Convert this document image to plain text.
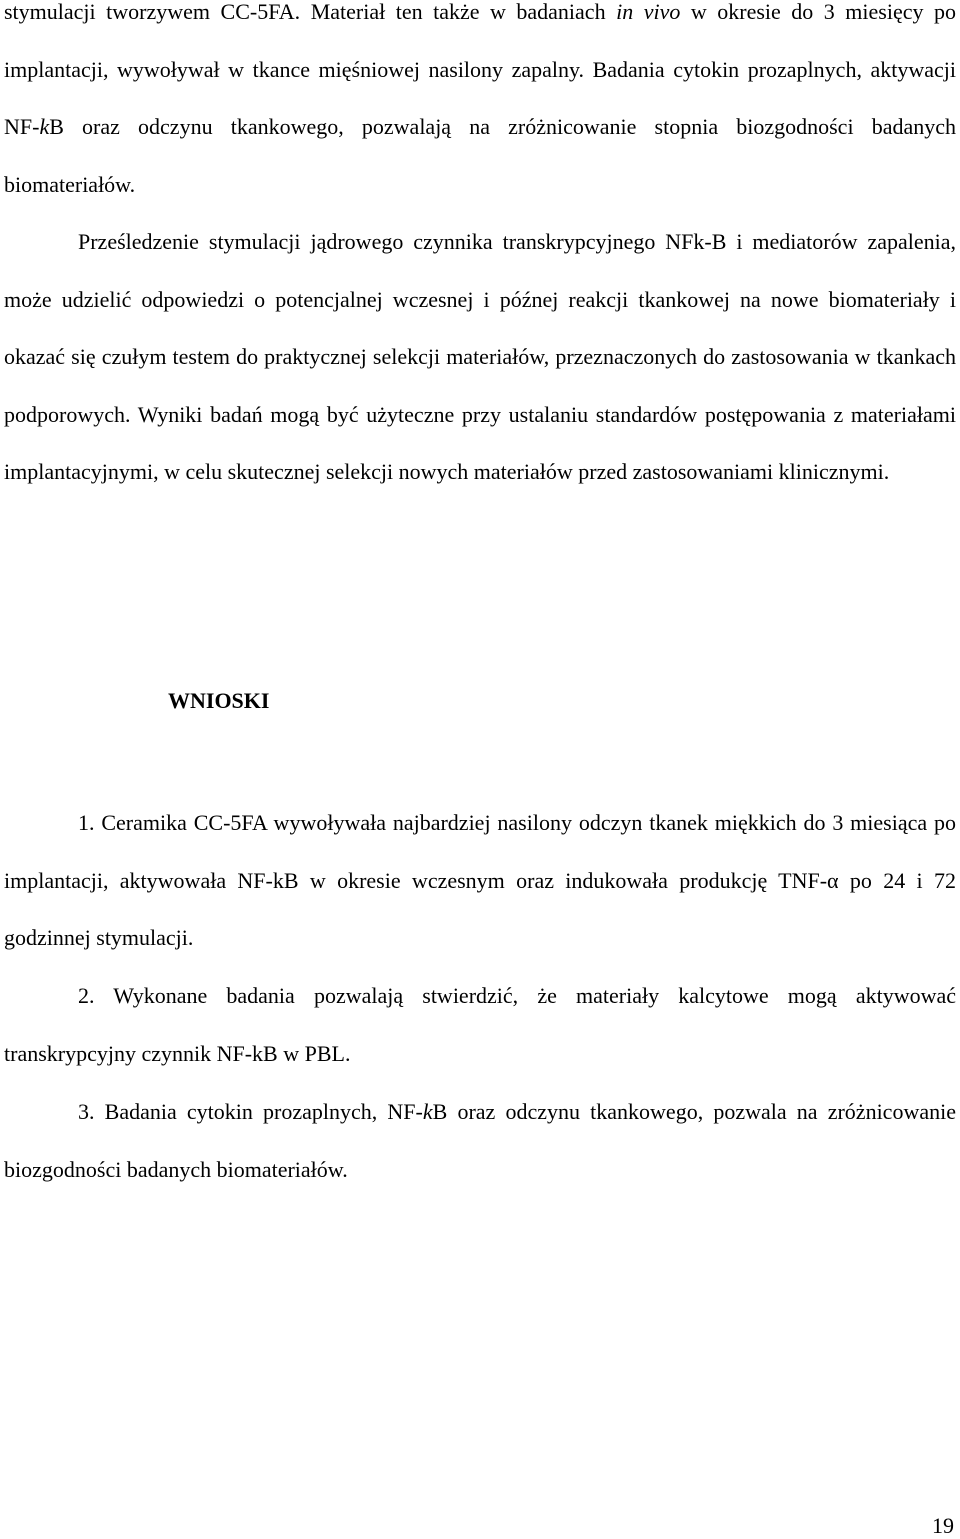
stymulacji tworzywem CC-5FA. Materiał ten także w badaniach in vivo w okresie do 3 miesięcy po implantacji, wywoływał w tkance mięśniowej nasilony zapalny. Badania cytokin prozaplnych, aktywacji NF-kB oraz odczynu tkankowego, pozwalają na zróżnicowanie stopnia biozgodności badanych biomateriałów.

Prześledzenie stymulacji jądrowego czynnika transkrypcyjnego NFk-B i mediatorów zapalenia, może udzielić odpowiedzi o potencjalnej wczesnej i późnej reakcji tkankowej na nowe biomateriały i okazać się czułym testem do praktycznej selekcji materiałów, przeznaczonych do zastosowania w tkankach podporowych. Wyniki badań mogą być użyteczne przy ustalaniu standardów postępowania z materiałami implantacyjnymi, w celu skutecznej selekcji nowych materiałów przed zastosowaniami klinicznymi.

WNIOSKI

1. Ceramika CC-5FA wywoływała najbardziej nasilony odczyn tkanek miękkich do 3 miesiąca po implantacji, aktywowała NF-kB w okresie wczesnym oraz indukowała produkcję TNF-α po 24 i 72 godzinnej stymulacji.

2. Wykonane badania pozwalają stwierdzić, że materiały kalcytowe mogą aktywować transkrypcyjny czynnik NF-kB w PBL.

3. Badania cytokin prozaplnych, NF-kB oraz odczynu tkankowego, pozwala na zróżnicowanie biozgodności badanych biomateriałów.

19
